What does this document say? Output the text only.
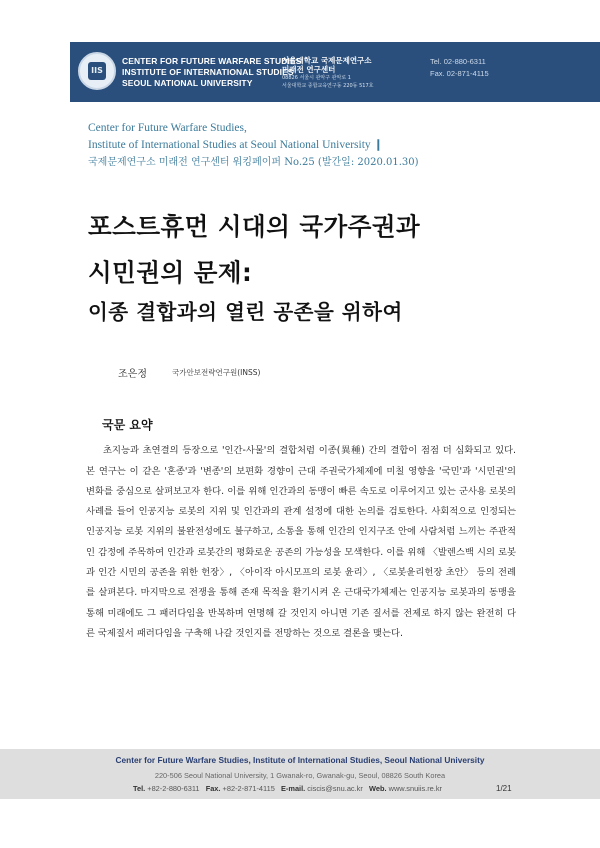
IIS
CENTER FOR FUTURE WARFARE STUDIES
INSTITUTE OF INTERNATIONAL STUDIES
SEOUL NATIONAL UNIVERSITY
서울대학교 국제문제연구소
미래전 연구센터
08826 서울시 관악구 관악로 1
서울대학교 종합교육연구동 220동 517호
Tel. 02-880-6311
Fax. 02-871-4115
Center for Future Warfare Studies,
Institute of International Studies at Seoul National University ❙
국제문제연구소 미래전 연구센터 워킹페이퍼 No.25 (발간일: 2020.01.30)
포스트휴먼 시대의 국가주권과
시민권의 문제:
이종 결합과의 열린 공존을 위하여
조은정	국가안보전략연구원(INSS)
국문 요약

초지능과 초연결의 등장으로 '인간-사물'의 결합처럼 이종(異種) 간의 결합이 점점 더 심화되고 있다. 본 연구는 이 같은 '혼종'과 '변종'의 보편화 경향이 근대 주권국가체제에 미칠 영향을 '국민'과 '시민권'의 변화를 중심으로 살펴보고자 한다. 이를 위해 인간과의 동맹이 빠른 속도로 이루어지고 있는 군사용 로봇의 사례를 들어 인공지능 로봇의 지위 및 인간과의 관계 설정에 대한 논의를 검토한다. 사회적으로 인정되는 인공지능 로봇 지위의 불완전성에도 불구하고, 소통을 통해 인간의 인지구조 안에 사람처럼 느끼는 주관적인 감정에 주목하여 인간과 로봇간의 평화로운 공존의 가능성을 모색한다. 이를 위해 〈발렌스백 시의 로봇과 인간 시민의 공존을 위한 헌장〉, 〈아이작 아시모프의 로봇 윤리〉, 〈로봇윤리헌장 초안〉 등의 전례를 살펴본다. 마지막으로 전쟁을 통해 존재 목적을 환기시켜 온 근대국가체제는 인공지능 로봇과의 동맹을 통해 미래에도 그 패러다임을 반복하며 연명해 갈 것인지 아니면 기존 질서를 전제로 하지 않는 완전히 다른 국제질서 패러다임을 구축해 나갈 것인지를 전망하는 것으로 결론을 맺는다.

Center for Future Warfare Studies, Institute of International Studies, Seoul National University
220-506 Seoul National University, 1 Gwanak-ro, Gwanak-gu, Seoul, 08826 South Korea
Tel. +82-2-880-6311 Fax. +82-2-871-4115 E-mail. ciscis@snu.ac.kr Web. www.snuiis.re.kr	1/21
